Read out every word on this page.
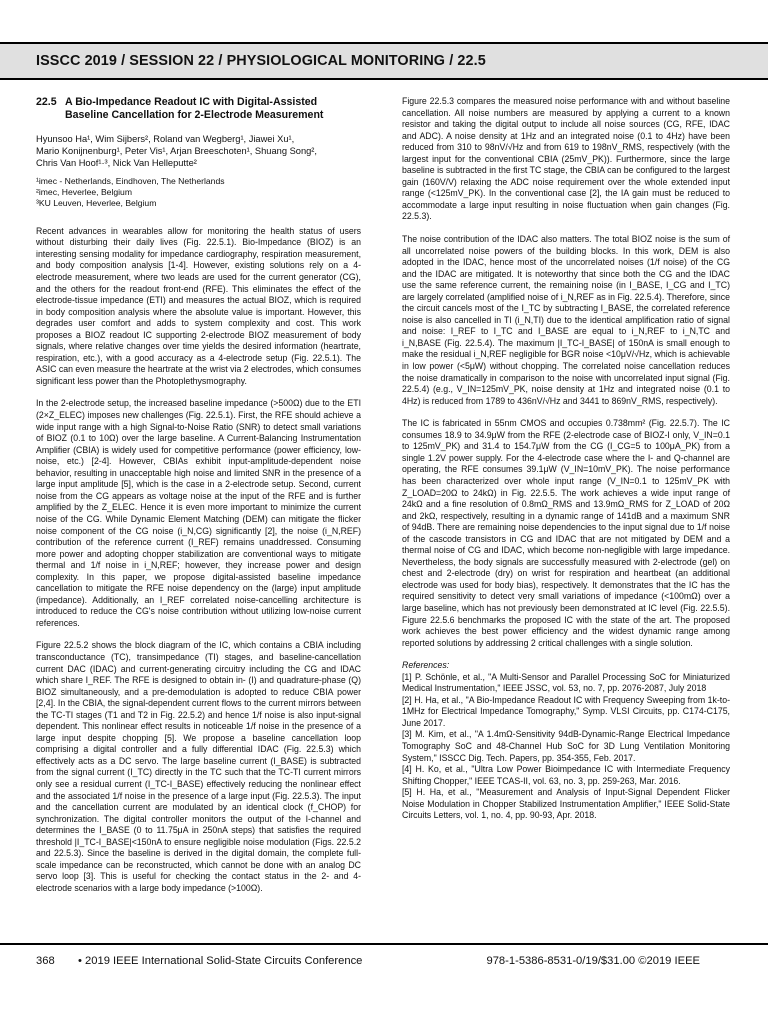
ISSCC 2019 / SESSION 22 / PHYSIOLOGICAL MONITORING / 22.5
22.5 A Bio-Impedance Readout IC with Digital-Assisted
Baseline Cancellation for 2-Electrode Measurement
Hyunsoo Ha¹, Wim Sijbers², Roland van Wegberg¹, Jiawei Xu¹,
Mario Konijnenburg¹, Peter Vis¹, Arjan Breeschoten¹, Shuang Song²,
Chris Van Hoof¹·³, Nick Van Helleputte²
¹imec - Netherlands, Eindhoven, The Netherlands
²imec, Heverlee, Belgium
³KU Leuven, Heverlee, Belgium

Recent advances in wearables allow for monitoring the health status of users without disturbing their daily lives (Fig. 22.5.1). Bio-Impedance (BIOZ) is an interesting sensing modality for impedance cardiography, respiration measurement, and body composition analysis [1-4]. However, existing solutions rely on a 4-electrode measurement, where two leads are used for the current generator (CG), and the others for the readout front-end (RFE). This eliminates the effect of the electrode-tissue impedance (ETI) and measures the actual BIOZ, which is required in body composition analysis where the absolute value is important. However, this degrades user comfort and adds to system complexity and cost. This work proposes a BIOZ readout IC supporting 2-electrode BIOZ measurement of body signals, where relative changes over time yields the desired information (heartrate, respiration, etc.), with a good accuracy as a 4-electrode setup (Fig. 22.5.1). The ASIC can even measure the heartrate at the wrist via 2 electrodes, which consumes significant less power than the Photoplethysmography.

In the 2-electrode setup, the increased baseline impedance (>500Ω) due to the ETI (2×Z_ELEC) imposes new challenges (Fig. 22.5.1). First, the RFE should achieve a wide input range with a high Signal-to-Noise Ratio (SNR) to detect small variations of BIOZ (0.1 to 10Ω) over the large baseline. A Current-Balancing Instrumentation Amplifier (CBIA) is widely used for competitive performance (power efficiency, low-noise, etc.) [2-4]. However, CBIAs exhibit input-amplitude-dependent noise behavior, resulting in unacceptable high noise and limited SNR in the presence of a large input amplitude [5], which is the case in a 2-electrode setup. Second, current noise from the CG appears as voltage noise at the input of the RFE and is further amplified by the Z_ELEC. Hence it is even more important to minimize the current noise of the CG. While Dynamic Element Matching (DEM) can mitigate the flicker noise component of the CG noise (i_N,CG) significantly [2], the noise (i_N,REF) contribution of the reference current (I_REF) remains unaddressed. Consuming more power and adopting chopper stabilization are conventional ways to mitigate thermal and 1/f noise in i_N,REF; however, they increase power and design complexity. In this paper, we propose digital-assisted baseline impedance cancellation to mitigate the RFE noise dependency on the (large) input amplitude (impedance). Additionally, an I_REF correlated noise-cancelling architecture is introduced to reduce the CG's noise contribution without utilizing low-noise current references.

Figure 22.5.2 shows the block diagram of the IC, which contains a CBIA including transconductance (TC), transimpedance (TI) stages, and baseline-cancellation current DAC (IDAC) and current-generating circuitry including the CG and IDAC which share I_REF. The RFE is designed to obtain in- (I) and quadrature-phase (Q) BIOZ simultaneously, and a pre-demodulation is adopted to reduce CBIA power [2,4]. In the CBIA, the signal-dependent current flows to the current mirrors between the TC-TI stages (T1 and T2 in Fig. 22.5.2) and hence 1/f noise is also input-signal dependent. This nonlinear effect results in noticeable 1/f noise in the presence of a large input despite chopping [5]. We propose a baseline cancellation loop comprising a digital controller and a fully differential IDAC (Fig. 22.5.3) which effectively acts as a DC servo. The large baseline current (I_BASE) is subtracted from the signal current (I_TC) directly in the TC such that the TC-TI current mirrors only see a residual current (I_TC-I_BASE) effectively reducing the nonlinear effect and the associated 1/f noise in the presence of a large input (Fig. 22.5.3). The input and the cancellation current are modulated by an identical clock (f_CHOP) for synchronization. The digital controller monitors the output of the I-channel and determines the I_BASE (0 to 11.75μA in 250nA steps) that satisfies the required threshold |I_TC-I_BASE|<150nA to ensure negligible noise modulation (Figs. 22.5.2 and 22.5.3). Since the baseline is derived in the digital domain, the complete full-scale impedance can be reconstructed, which cannot be done with an analog DC servo loop [3]. This is useful for checking the contact status in the 2- and 4-electrode scenarios with a large body impedance (>100Ω).

Figure 22.5.3 compares the measured noise performance with and without baseline cancellation. All noise numbers are measured by applying a current to a known resistor and taking the digital output to include all noise sources (CG, RFE, IDAC and ADC). A noise density at 1Hz and an integrated noise (0.1 to 4Hz) have been reduced from 310 to 98nV/√Hz and from 619 to 198nV_RMS, respectively (with the largest input for the conventional CBIA (25mV_PK)). Furthermore, since the large baseline is subtracted in the first TC stage, the CBIA can be configured to the largest gain (160V/V) relaxing the ADC noise requirement over the whole extended input range (<125mV_PK). In the conventional case [2], the IA gain must be reduced to accommodate a large input resulting in noise fluctuation when gain changes (Fig. 22.5.3).

The noise contribution of the IDAC also matters. The total BIOZ noise is the sum of all uncorrelated noise powers of the building blocks. In this work, DEM is also adopted in the IDAC, hence most of the uncorrelated noises (1/f noise) of the CG and the IDAC are mitigated. It is noteworthy that since both the CG and the IDAC use the same reference current, the remaining noise (in I_BASE, I_CG and I_TC) are largely correlated (amplified noise of i_N,REF as in Fig. 22.5.4). Therefore, since the circuit cancels most of the I_TC by subtracting I_BASE, the correlated reference noise is also cancelled in TI (i_N,TI) due to the identical amplification ratio of signal and noise: I_REF to I_TC and I_BASE are equal to i_N,REF to i_N,TC and i_N,BASE (Fig. 22.5.4). The maximum |I_TC-I_BASE| of 150nA is small enough to make the residual i_N,REF negligible for BGR noise <10μV/√Hz, which is achievable in low power (<5μW) without chopping. The correlated noise cancellation reduces the noise dramatically in comparison to the noise with uncorrelated input signal (Fig. 22.5.4) (e.g., V_IN=125mV_PK, noise density at 1Hz and integrated noise (0.1 to 4Hz) is reduced from 1789 to 436nV/√Hz and 3441 to 869nV_RMS, respectively).

The IC is fabricated in 55nm CMOS and occupies 0.738mm² (Fig. 22.5.7). The IC consumes 18.9 to 34.9μW from the RFE (2-electrode case of BIOZ-I only, V_IN=0.1 to 125mV_PK) and 31.4 to 154.7μW from the CG (I_CG=5 to 100μA_PK) from a single 1.2V power supply. For the 4-electrode case where the I- and Q-channel are operating, the RFE consumes 39.1μW (V_IN=10mV_PK). The noise performance has been characterized over whole input range (V_IN=0.1 to 125mV_PK with Z_LOAD=20Ω to 24kΩ) in Fig. 22.5.5. The work achieves a wide input range of 24kΩ and a fine resolution of 0.8mΩ_RMS and 13.9mΩ_RMS for Z_LOAD of 20Ω and 2kΩ, respectively, resulting in a dynamic range of 141dB and a maximum SNR of 94dB. There are remaining noise dependencies to the input signal due to 1/f noise of the cascode transistors in CG and IDAC that are not mitigated by DEM and a thermal noise of CG and IDAC, which become non-negligible with large impedance. Nevertheless, the body signals are successfully measured with 2-electrode (gel) on chest and 2-electrode (dry) on wrist for respiration and heartbeat (an additional electrode was used for body bias), respectively. It demonstrates that the IC has the required sensitivity to detect very small variations of impedance (<100mΩ) over a large baseline, which has not previously been demonstrated at IC level (Fig. 22.5.5). Figure 22.5.6 benchmarks the proposed IC with the state of the art. The proposed work achieves the best power efficiency and the widest dynamic range among reported solutions by addressing 2 critical challenges with a single solution.

References:

[1] P. Schönle, et al., "A Multi-Sensor and Parallel Processing SoC for Miniaturized Medical Instrumentation," IEEE JSSC, vol. 53, no. 7, pp. 2076-2087, July 2018

[2] H. Ha, et al., "A Bio-Impedance Readout IC with Frequency Sweeping from 1k-to-1MHz for Electrical Impedance Tomography," Symp. VLSI Circuits, pp. C174-C175, June 2017.

[3] M. Kim, et al., "A 1.4mΩ-Sensitivity 94dB-Dynamic-Range Electrical Impedance Tomography SoC and 48-Channel Hub SoC for 3D Lung Ventilation Monitoring System," ISSCC Dig. Tech. Papers, pp. 354-355, Feb. 2017.

[4] H. Ko, et al., "Ultra Low Power Bioimpedance IC with Intermediate Frequency Shifting Chopper," IEEE TCAS-II, vol. 63, no. 3, pp. 259-263, Mar. 2016.

[5] H. Ha, et al., "Measurement and Analysis of Input-Signal Dependent Flicker Noise Modulation in Chopper Stabilized Instrumentation Amplifier," IEEE Solid-State Circuits Letters, vol. 1, no. 4, pp. 90-93, Apr. 2018.

368 • 2019 IEEE International Solid-State Circuits Conference	978-1-5386-8531-0/19/$31.00 ©2019 IEEE
